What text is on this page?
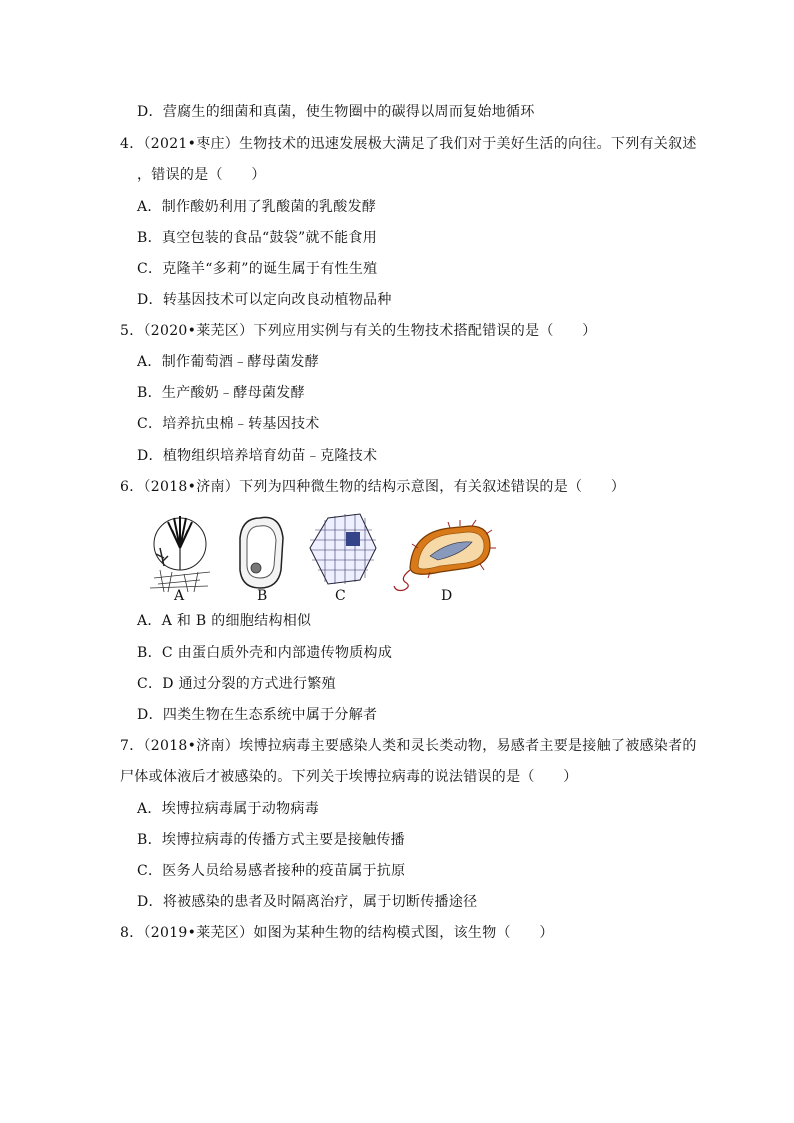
D．营腐生的细菌和真菌，使生物圈中的碳得以周而复始地循环
4．（2021•枣庄）生物技术的迅速发展极大满足了我们对于美好生活的向往。下列有关叙述
，错误的是（　　）
A．制作酸奶利用了乳酸菌的乳酸发酵
B．真空包装的食品“鼓袋”就不能食用
C．克隆羊“多莉”的诞生属于有性生殖
D．转基因技术可以定向改良动植物品种
5．（2020•莱芜区）下列应用实例与有关的生物技术搭配错误的是（　　）
A．制作葡萄酒﹣酵母菌发酵
B．生产酸奶﹣酵母菌发酵
C．培养抗虫棉﹣转基因技术
D．植物组织培养培育幼苗﹣克隆技术
6．（2018•济南）下列为四种微生物的结构示意图，有关叙述错误的是（　　）
A	B	C	D
A．A 和 B 的细胞结构相似
B．C 由蛋白质外壳和内部遗传物质构成
C．D 通过分裂的方式进行繁殖
D．四类生物在生态系统中属于分解者
7．（2018•济南）埃博拉病毒主要感染人类和灵长类动物，易感者主要是接触了被感染者的
尸体或体液后才被感染的。下列关于埃博拉病毒的说法错误的是（　　）
A．埃博拉病毒属于动物病毒
B．埃博拉病毒的传播方式主要是接触传播
C．医务人员给易感者接种的疫苗属于抗原
D．将被感染的患者及时隔离治疗，属于切断传播途径
8．（2019•莱芜区）如图为某种生物的结构模式图，该生物（　　）
